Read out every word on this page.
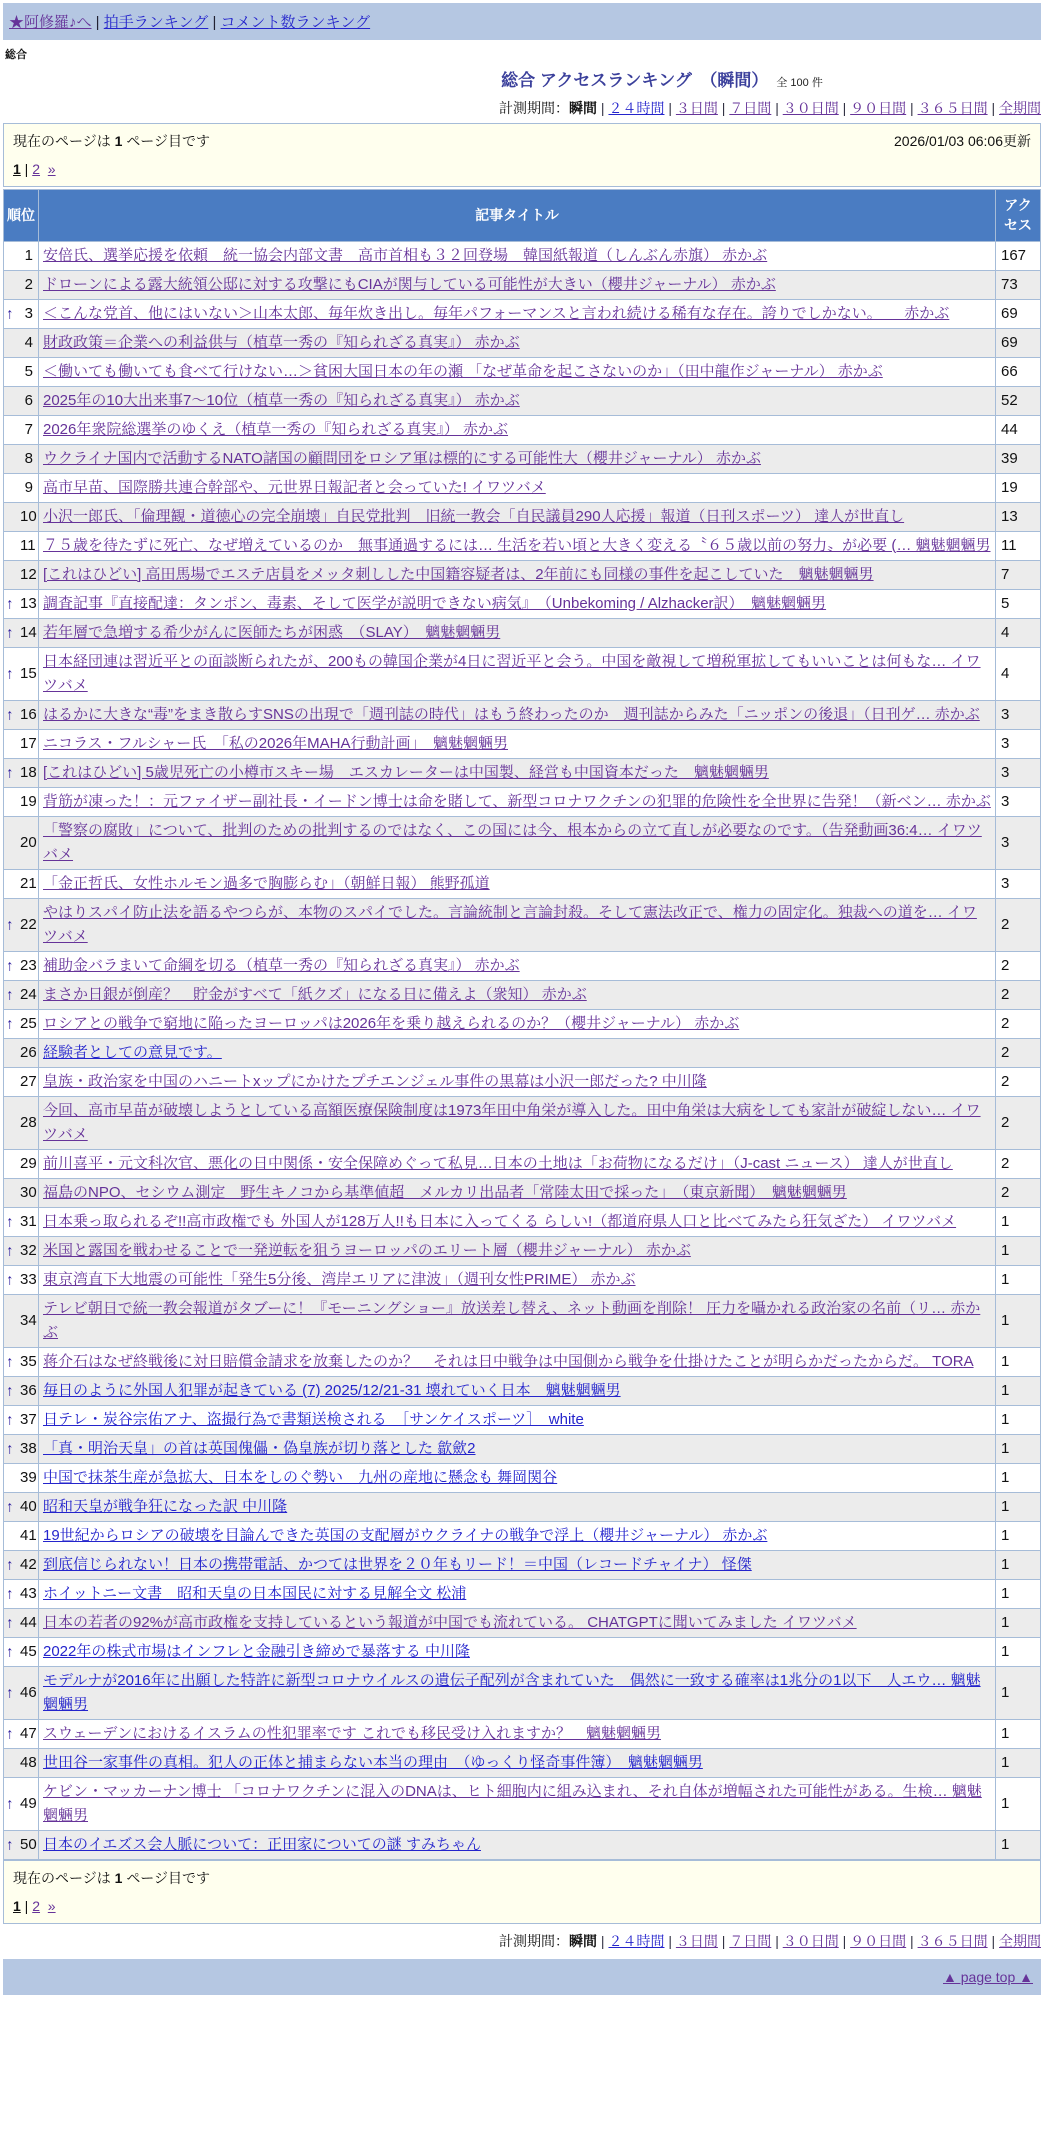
★阿修羅♪へ | 拍手ランキング | コメント数ランキング
総合
総合 アクセスランキング　（瞬間） 全 100 件
計測期間：瞬間 | ２４時間 | ３日間 | ７日間 | ３０日間 | ９０日間 | ３６５日間 | 全期間
現在のページは 1 ページ目です	2026/01/03 06:06更新
1 | 2 »
順位	記事タイトル	アクセス
1	安倍氏、選挙応援を依頼　統一協会内部文書　高市首相も３２回登場　韓国紙報道（しんぶん赤旗） 赤かぶ	167
2	ドローンによる露大統領公邸に対する攻撃にもCIAが関与している可能性が大きい（櫻井ジャーナル） 赤かぶ	73

↑ 3	＜こんな党首、他にはいない＞山本太郎、毎年炊き出し。毎年パフォーマンスと言われ続ける稀有な存在。誇りでしかない。　　赤かぶ	69
4	財政政策＝企業への利益供与（植草一秀の『知られざる真実』） 赤かぶ	69
5	＜働いても働いても食べて行けない…＞貧困大国日本の年の瀬 「なぜ革命を起こさないのか」（田中龍作ジャーナル） 赤かぶ	66
6	2025年の10大出来事7〜10位（植草一秀の『知られざる真実』） 赤かぶ	52
7	2026年衆院総選挙のゆくえ（植草一秀の『知られざる真実』） 赤かぶ	44
8	ウクライナ国内で活動するNATO諸国の顧問団をロシア軍は標的にする可能性大（櫻井ジャーナル） 赤かぶ	39
9	高市早苗、国際勝共連合幹部や、元世界日報記者と会っていた! イワツバメ	19
10	小沢一郎氏、「倫理観・道徳心の完全崩壊」自民党批判　旧統一教会「自民議員290人応援」報道（日刊スポーツ） 達人が世直し	13
11	７５歳を待たずに死亡、なぜ増えているのか　無事通過するには… 生活を若い頃と大きく変える〝６５歳以前の努力〟が必要 (… 魑魅魍魎男	11
12	[これはひどい] 高田馬場でエステ店員をメッタ刺しした中国籍容疑者は、2年前にも同様の事件を起こしていた　魑魅魍魎男	7

↑ 13	調査記事『直接配達：タンポン、毒素、そして医学が説明できない病気』　（Unbekoming / Alzhacker訳）　魑魅魍魎男	5

↑ 14	若年層で急増する希少がんに医師たちが困惑　（SLAY）　魑魅魍魎男	4

↑ 15	日本経団連は習近平との面談断られたが、200もの韓国企業が4日に習近平と会う。中国を敵視して増税軍拡してもいいことは何もな… イワツバメ	4

↑ 16	はるかに大きな“毒”をまき散らすSNSの出現で「週刊誌の時代」はもう終わったのか　週刊誌からみた「ニッポンの後退」（日刊ゲ… 赤かぶ	3
17	ニコラス・フルシャー氏　「私の2026年MAHA行動計画」　魑魅魍魎男	3

↑ 18	[これはひどい] 5歳児死亡の小樽市スキー場　エスカレーターは中国製、経営も中国資本だった　魑魅魍魎男	3
19	背筋が凍った！：元ファイザー副社長・イードン博士は命を賭して、新型コロナワクチンの犯罪的危険性を全世界に告発！（新ベン… 赤かぶ	3
20	「警察の腐敗」について、批判のための批判するのではなく、この国には今、根本からの立て直しが必要なのです。（告発動画36:4… イワツバメ	3
21	「金正哲氏、女性ホルモン過多で胸膨らむ」（朝鮮日報） 熊野孤道	3

↑ 22	やはりスパイ防止法を語るやつらが、本物のスパイでした。言論統制と言論封殺。そして憲法改正で、権力の固定化。独裁への道を… イワツバメ	2

↑ 23	補助金バラまいて命綱を切る（植草一秀の『知られざる真実』） 赤かぶ	2

↑ 24	まさか日銀が倒産？　貯金がすべて「紙クズ」になる日に備えよ（衆知） 赤かぶ	2

↑ 25	ロシアとの戦争で窮地に陥ったヨーロッパは2026年を乗り越えられるのか？（櫻井ジャーナル） 赤かぶ	2
26	経験者としての意見です。	2
27	皇族・政治家を中国のハニートxップにかけたプチエンジェル事件の黒幕は小沢一郎だった? 中川隆	2
28	今回、高市早苗が破壊しようとしている高額医療保険制度は1973年田中角栄が導入した。田中角栄は大病をしても家計が破綻しない… イワツバメ	2
29	前川喜平・元文科次官、悪化の日中関係・安全保障めぐって私見…日本の土地は「お荷物になるだけ」（J-cast ニュース） 達人が世直し	2
30	福島のNPO、セシウム測定　野生キノコから基準値超　メルカリ出品者「常陸太田で採った」　（東京新聞）　魑魅魍魎男	2

↑ 31	日本乗っ取られるぞ!!高市政権でも 外国人が128万人!!も日本に入ってくる らしい!（都道府県人口と比べてみたら狂気ざた） イワツバメ	1

↑ 32	米国と露国を戦わせることで一発逆転を狙うヨーロッパのエリート層（櫻井ジャーナル） 赤かぶ	1

↑ 33	東京湾直下大地震の可能性「発生5分後、湾岸エリアに津波」（週刊女性PRIME） 赤かぶ	1
34	テレビ朝日で統一教会報道がタブーに！『モーニングショー』放送差し替え、ネット動画を削除！ 圧力を囁かれる政治家の名前（リ… 赤かぶ	1

↑ 35	蒋介石はなぜ終戦後に対日賠償金請求を放棄したのか？　それは日中戦争は中国側から戦争を仕掛けたことが明らかだったからだ。 TORA	1

↑ 36	毎日のように外国人犯罪が起きている (7) 2025/12/21-31 壊れていく日本　魑魅魍魎男	1

↑ 37	日テレ・炭谷宗佑アナ、盗撮行為で書類送検される　［サンケイスポーツ］　white	1

↑ 38	「真・明治天皇」の首は英国傀儡・偽皇族が切り落とした 歙歛2	1
39	中国で抹茶生産が急拡大、日本をしのぐ勢い　九州の産地に懸念も 舞岡関谷	1

↑ 40	昭和天皇が戦争狂になった訳 中川隆	1
41	19世紀からロシアの破壊を目論んできた英国の支配層がウクライナの戦争で浮上（櫻井ジャーナル） 赤かぶ	1

↑ 42	到底信じられない！日本の携帯電話、かつては世界を２０年もリード！＝中国（レコードチャイナ） 怪傑	1

↑ 43	ホイットニー文書　昭和天皇の日本国民に対する見解全文 松浦	1

↑ 44	日本の若者の92%が高市政権を支持しているという報道が中国でも流れている。 CHATGPTに聞いてみました イワツバメ	1

↑ 45	2022年の株式市場はインフレと金融引き締めで暴落する 中川隆	1

↑ 46	モデルナが2016年に出願した特許に新型コロナウイルスの遺伝子配列が含まれていた　偶然に一致する確率は1兆分の1以下　人エウ… 魑魅魍魎男	1

↑ 47	スウェーデンにおけるイスラムの性犯罪率です これでも移民受け入れますか？　魑魅魍魎男	1
48	世田谷一家事件の真相。犯人の正体と捕まらない本当の理由　（ゆっくり怪奇事件簿）　魑魅魍魎男	1

↑ 49	ケビン・マッカーナン博士 「コロナワクチンに混入のDNAは、ヒト細胞内に組み込まれ、それ自体が増幅された可能性がある。生検… 魑魅魍魎男	1

↑ 50	日本のイエズス会人脈について：正田家についての謎 すみちゃん	1
現在のページは 1 ページ目です
1 | 2 »
計測期間：瞬間 | ２４時間 | ３日間 | ７日間 | ３０日間 | ９０日間 | ３６５日間 | 全期間
▲ page top ▲
